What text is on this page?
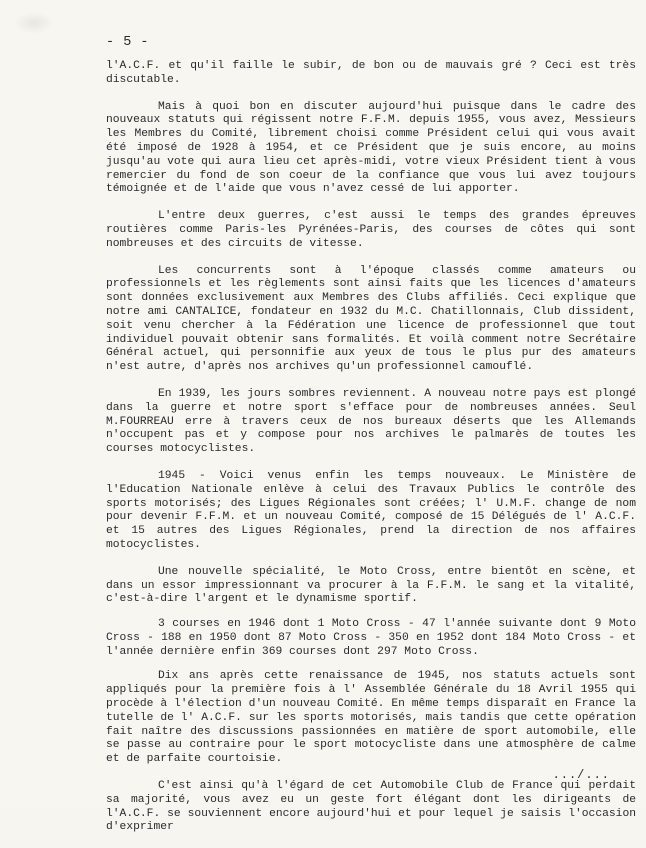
- 5 -

l'A.C.F. et qu'il faille le subir, de bon ou de mauvais gré ? Ceci est très discutable.

Mais à quoi bon en discuter aujourd'hui puisque dans le cadre des nouveaux statuts qui régissent notre F.F.M. depuis 1955, vous avez, Messieurs les Membres du Comité, librement choisi comme Président celui qui vous avait été imposé de 1928 à 1954, et ce Président que je suis encore, au moins jusqu'au vote qui aura lieu cet après-midi, votre vieux Président tient à vous remercier du fond de son coeur de la confiance que vous lui avez toujours témoignée et de l'aide que vous n'avez cessé de lui apporter.

L'entre deux guerres, c'est aussi le temps des grandes épreuves routières comme Paris-les Pyrénées-Paris, des courses de côtes qui sont nombreuses et des circuits de vitesse.

Les concurrents sont à l'époque classés comme amateurs ou professionnels et les règlements sont ainsi faits que les licences d'amateurs sont données exclusivement aux Membres des Clubs affiliés. Ceci explique que notre ami CANTALICE, fondateur en 1932 du M.C. Chatillonnais, Club dissident, soit venu chercher à la Fédération une licence de professionnel que tout individuel pouvait obtenir sans formalités. Et voilà comment notre Secrétaire Général actuel, qui personnifie aux yeux de tous le plus pur des amateurs n'est autre, d'après nos archives qu'un professionnel camouflé.

En 1939, les jours sombres reviennent. A nouveau notre pays est plongé dans la guerre et notre sport s'efface pour de nombreuses années. Seul M.FOURREAU erre à travers ceux de nos bureaux déserts que les Allemands n'occupent pas et y compose pour nos archives le palmarès de toutes les courses motocyclistes.

1945 - Voici venus enfin les temps nouveaux. Le Ministère de l'Education Nationale enlève à celui des Travaux Publics le contrôle des sports motorisés; des Ligues Régionales sont créées; l' U.M.F. change de nom pour devenir F.F.M. et un nouveau Comité, composé de 15 Délégués de l' A.C.F. et 15 autres des Ligues Régionales, prend la direction de nos affaires motocyclistes.

Une nouvelle spécialité, le Moto Cross, entre bientôt en scène, et dans un essor impressionnant va procurer à la F.F.M. le sang et la vitalité, c'est-à-dire l'argent et le dynamisme sportif.

3 courses en 1946 dont 1 Moto Cross - 47 l'année suivante dont 9 Moto Cross - 188 en 1950 dont 87 Moto Cross - 350 en 1952 dont 184 Moto Cross - et l'année dernière enfin 369 courses dont 297 Moto Cross.

Dix ans après cette renaissance de 1945, nos statuts actuels sont appliqués pour la première fois à l' Assemblée Générale du 18 Avril 1955 qui procède à l'élection d'un nouveau Comité. En même temps disparaît en France la tutelle de l' A.C.F. sur les sports motorisés, mais tandis que cette opération fait naître des discussions passionnées en matière de sport automobile, elle se passe au contraire pour le sport motocycliste dans une atmosphère de calme et de parfaite courtoisie.

C'est ainsi qu'à l'égard de cet Automobile Club de France qui perdait sa majorité, vous avez eu un geste fort élégant dont les dirigeants de l'A.C.F. se souviennent encore aujourd'hui et pour lequel je saisis l'occasion d'exprimer

.../...
